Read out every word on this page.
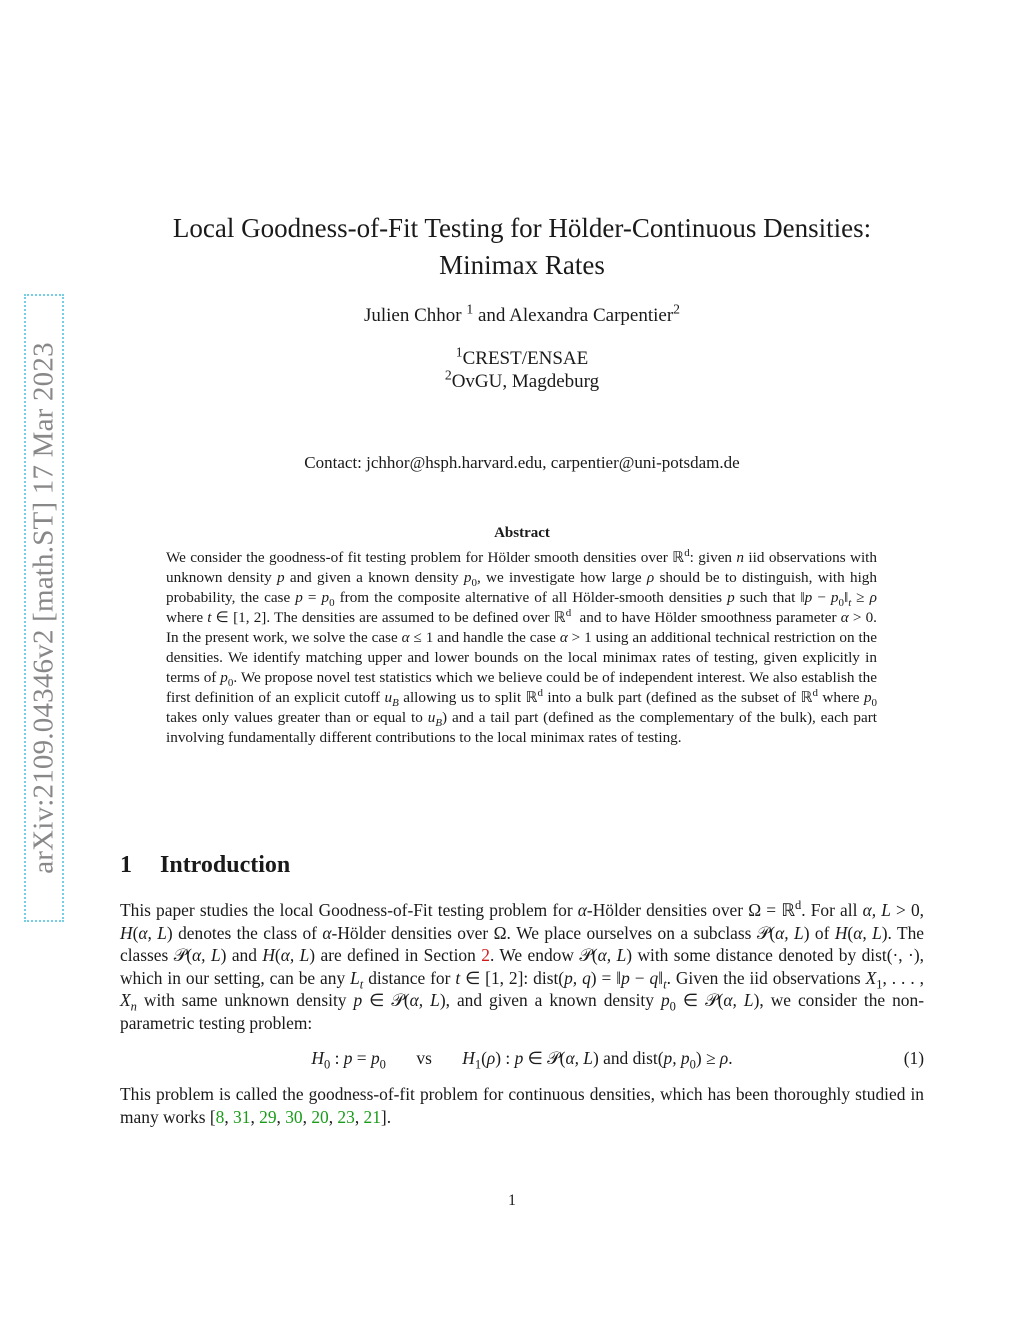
arXiv:2109.04346v2 [math.ST] 17 Mar 2023
Local Goodness-of-Fit Testing for Hölder-Continuous Densities:
Minimax Rates
Julien Chhor $^1$ and Alexandra Carpentier$^2$
$^1$CREST/ENSAE
$^2$OvGU, Magdeburg
Contact: jchhor@hsph.harvard.edu, carpentier@uni-potsdam.de
Abstract
We consider the goodness-of fit testing problem for Hölder smooth densities over ℝ$^d$: given n iid observations with unknown density p and given a known density $p_0$, we investigate how large ρ should be to distinguish, with high probability, the case $p = p_0$ from the composite alternative of all Hölder-smooth densities p such that ‖p − $p_0‖_t \ge \rho$ where t ∈ [1, 2]. The densities are assumed to be defined over ℝ$^d$  and to have Hölder smoothness parameter α > 0. In the present work, we solve the case α ≤ 1 and handle the case α > 1 using an additional technical restriction on the densities. We identify matching upper and lower bounds on the local minimax rates of testing, given explicitly in terms of $p_0$. We propose novel test statistics which we believe could be of independent interest. We also establish the first definition of an explicit cutoff $u_B$ allowing us to split ℝ$^d$ into a bulk part (defined as the subset of ℝ$^d$ where $p_0$ takes only values greater than or equal to $u_B$) and a tail part (defined as the complementary of the bulk), each part involving fundamentally different contributions to the local minimax rates of testing.
1 Introduction
This paper studies the local Goodness-of-Fit testing problem for α-Hölder densities over Ω = ℝ$^d$. For all α, L > 0, H(α, L) denotes the class of α-Hölder densities over Ω. We place ourselves on a subclass 𝒫(α, L) of H(α, L). The classes 𝒫(α, L) and H(α, L) are defined in Section 2. We endow 𝒫(α, L) with some distance denoted by dist(·, ·), which in our setting, can be any $L_t$ distance for t ∈ [1, 2]: dist(p, q) = ‖p − $q‖_t$. Given the iid observations $X_1$, . . . , $X_n$ with same unknown density p ∈ 𝒫(α, L), and given a known density $p_0$ ∈ 𝒫(α, L), we consider the non-parametric testing problem:
$H_0$ : $p = p_0$       vs       $H_1(\rho)$ : p ∈ 𝒫(α, L) and dist(p, $p_0) \ge \rho$.	(1)
This problem is called the goodness-of-fit problem for continuous densities, which has been thoroughly studied in many works [8, 31, 29, 30, 20, 23, 21].
1
